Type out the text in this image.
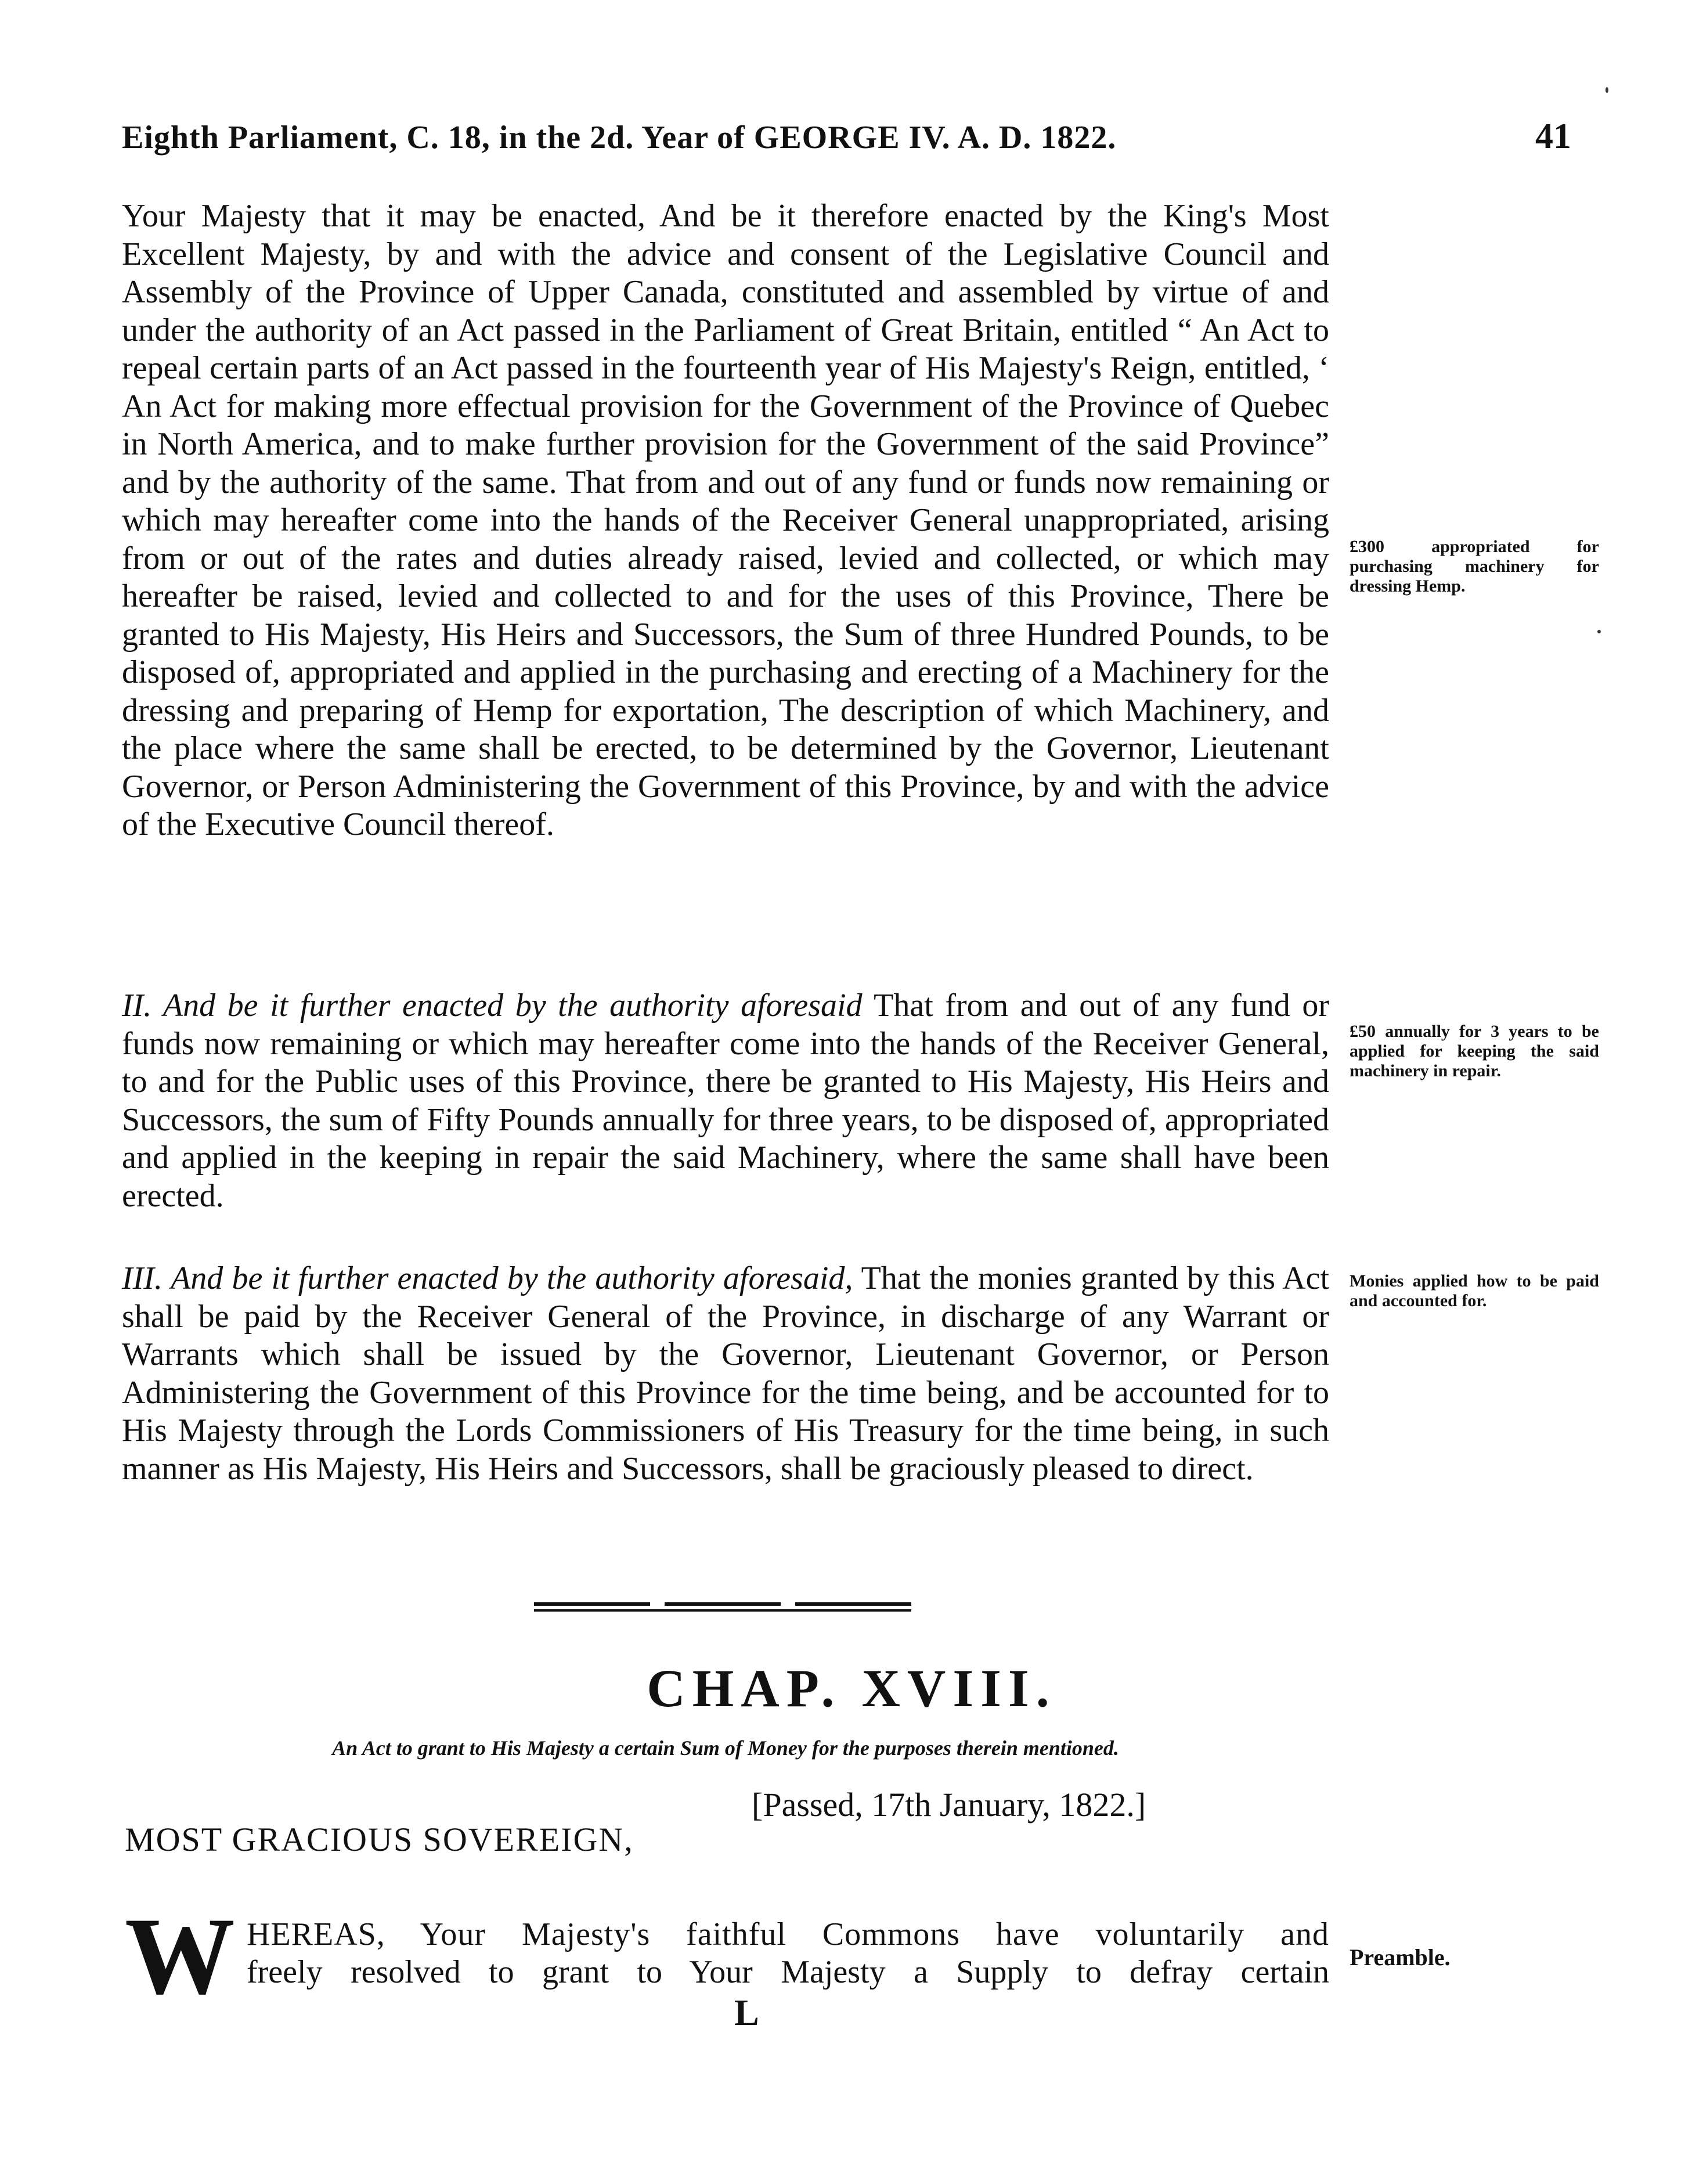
Eighth Parliament, C. 18, in the 2d. Year of GEORGE IV. A. D. 1822.	41
Your Majesty that it may be enacted, And be it therefore enacted by the King's Most Excellent Majesty, by and with the advice and consent of the Legislative Council and Assembly of the Province of Upper Canada, constituted and assembled by virtue of and under the authority of an Act passed in the Parliament of Great Britain, entitled “ An Act to repeal certain parts of an Act passed in the fourteenth year of His Majesty's Reign, entitled, ‘ An Act for making more effectual provision for the Government of the Province of Quebec in North America, and to make further provision for the Government of the said Province” and by the authority of the same. That from and out of any fund or funds now remaining or which may hereafter come into the hands of the Receiver General unappropriated, arising from or out of the rates and duties already raised, levied and collected, or which may hereafter be raised, levied and collected to and for the uses of this Province, There be granted to His Majesty, His Heirs and Successors, the Sum of three Hundred Pounds, to be disposed of, appropriated and applied in the purchasing and erecting of a Machinery for the dressing and preparing of Hemp for exportation, The description of which Machinery, and the place where the same shall be erected, to be determined by the Governor, Lieutenant Governor, or Person Administering the Government of this Province, by and with the advice of the Executive Council thereof.
II. And be it further enacted by the authority aforesaid That from and out of any fund or funds now remaining or which may hereafter come into the hands of the Receiver General, to and for the Public uses of this Province, there be granted to His Majesty, His Heirs and Successors, the sum of Fifty Pounds annually for three years, to be disposed of, appropriated and applied in the keeping in repair the said Machinery, where the same shall have been erected.
III. And be it further enacted by the authority aforesaid, That the monies granted by this Act shall be paid by the Receiver General of the Province, in discharge of any Warrant or Warrants which shall be issued by the Governor, Lieutenant Governor, or Person Administering the Government of this Province for the time being, and be accounted for to His Majesty through the Lords Commissioners of His Treasury for the time being, in such manner as His Majesty, His Heirs and Successors, shall be graciously pleased to direct.
£300 appropriated for purchasing machinery for dressing Hemp.
£50 annually for 3 years to be applied for keeping the said machinery in repair.
Monies applied how to be paid and accounted for.
Preamble.
CHAP. XVIII.
An Act to grant to His Majesty a certain Sum of Money for the purposes therein mentioned.
[Passed, 17th January, 1822.]
MOST GRACIOUS SOVEREIGN,
W HEREAS, Your Majesty's faithful Commons have voluntarily and
freely resolved to grant to Your Majesty a Supply to defray certain
L
